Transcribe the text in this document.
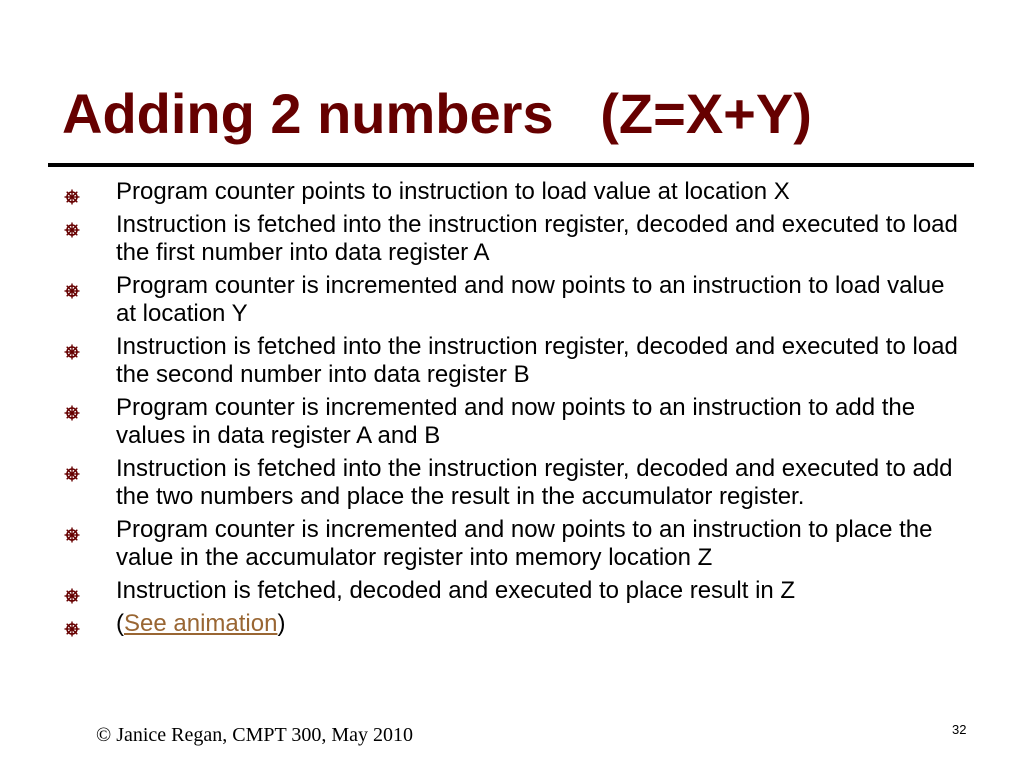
Adding 2 numbers   (Z=X+Y)
Program counter points to instruction to load value at location X
Instruction is fetched into the instruction register, decoded and executed to load the first number into data register A
Program counter is incremented and now points to an instruction to load value at location Y
Instruction is fetched into the instruction register, decoded and executed to load the second number into data register B
Program counter is incremented and now points to an instruction to add the values in data register A and B
Instruction is fetched into the instruction register, decoded and executed to add the two numbers and place the result in the accumulator register.
Program counter is incremented and now points to an instruction to place the value in the accumulator register into memory location Z
Instruction is fetched, decoded and executed to place result in Z
(See animation)
© Janice Regan, CMPT 300, May 2010	32
